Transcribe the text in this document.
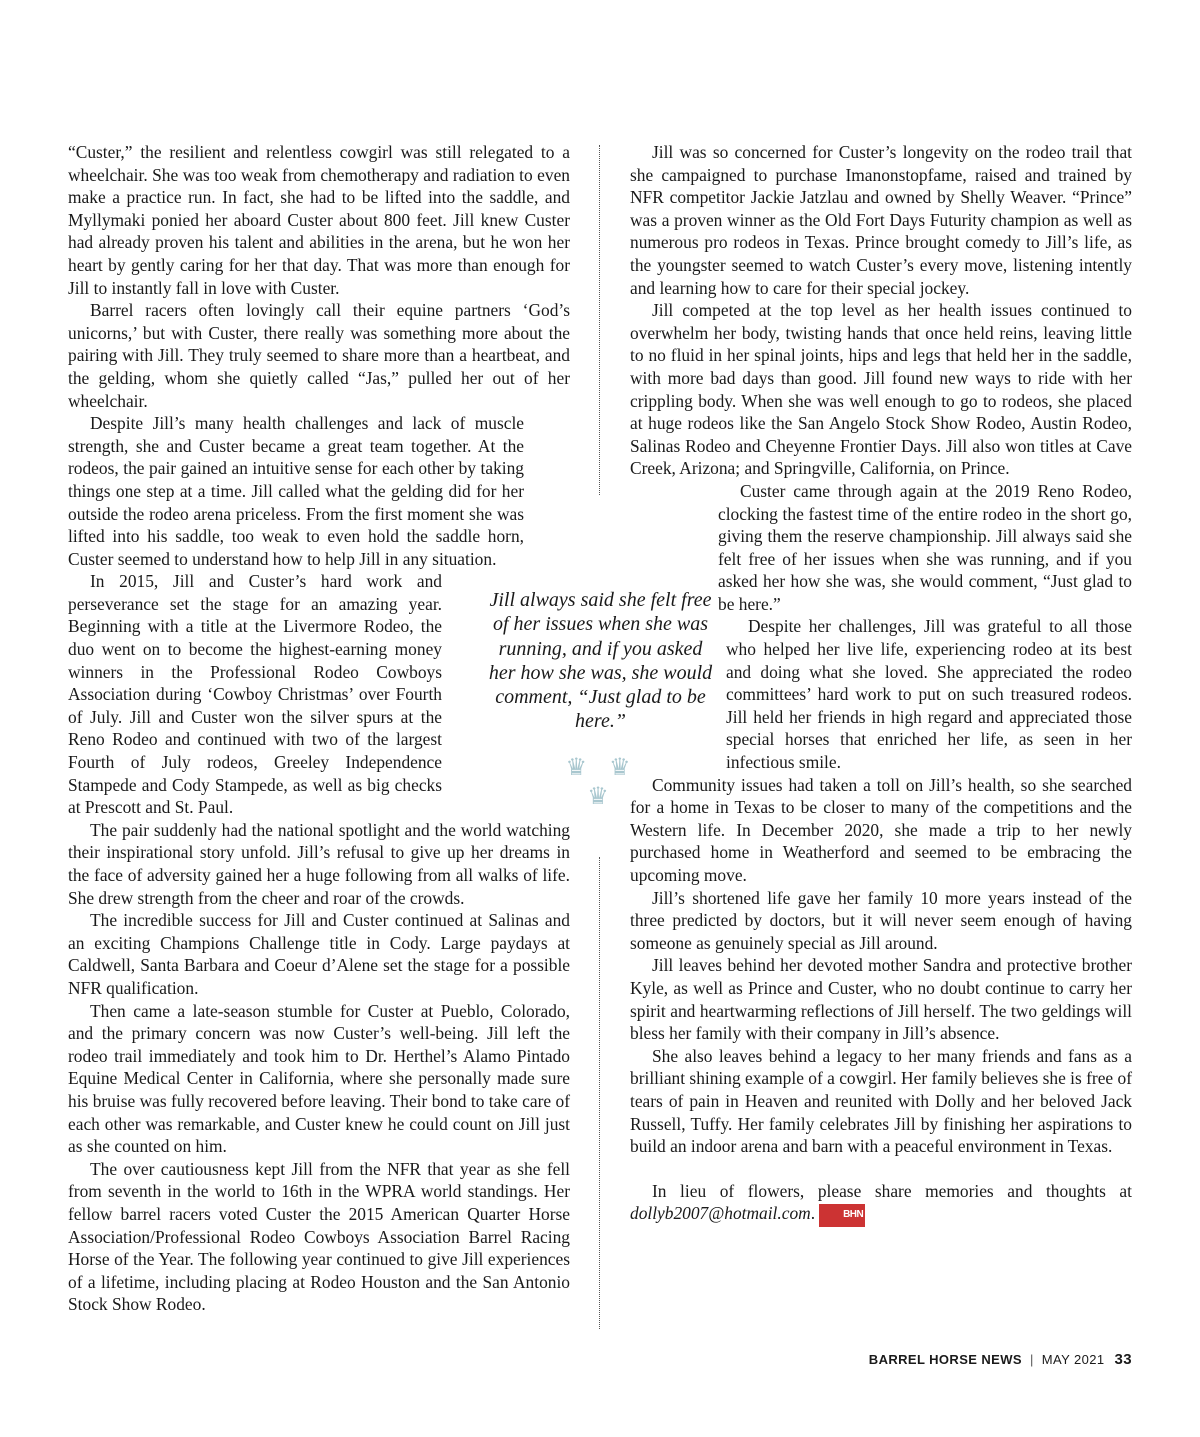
“Custer,” the resilient and relentless cowgirl was still relegated to a wheelchair. She was too weak from chemotherapy and radiation to even make a practice run. In fact, she had to be lifted into the saddle, and Myllymaki ponied her aboard Custer about 800 feet. Jill knew Custer had already proven his talent and abilities in the arena, but he won her heart by gently caring for her that day. That was more than enough for Jill to instantly fall in love with Custer.

Barrel racers often lovingly call their equine partners ‘God’s unicorns,’ but with Custer, there really was something more about the pairing with Jill. They truly seemed to share more than a heartbeat, and the gelding, whom she quietly called “Jas,” pulled her out of her wheelchair.

Despite Jill’s many health challenges and lack of muscle strength, she and Custer became a great team together. At the rodeos, the pair gained an intuitive sense for each other by taking things one step at a time. Jill called what the gelding did for her outside the rodeo arena priceless. From the first moment she was lifted into his saddle, too weak to even hold the saddle horn, Custer seemed to understand how to help Jill in any situation.

In 2015, Jill and Custer’s hard work and perseverance set the stage for an amazing year. Beginning with a title at the Livermore Rodeo, the duo went on to become the highest-earning money winners in the Professional Rodeo Cowboys Association during ‘Cowboy Christmas’ over Fourth of July. Jill and Custer won the silver spurs at the Reno Rodeo and continued with two of the largest Fourth of July rodeos, Greeley Independence Stampede and Cody Stampede, as well as big checks at Prescott and St. Paul.

The pair suddenly had the national spotlight and the world watching their inspirational story unfold. Jill’s refusal to give up her dreams in the face of adversity gained her a huge following from all walks of life. She drew strength from the cheer and roar of the crowds.

The incredible success for Jill and Custer continued at Salinas and an exciting Champions Challenge title in Cody. Large paydays at Caldwell, Santa Barbara and Coeur d’Alene set the stage for a possible NFR qualification.

Then came a late-season stumble for Custer at Pueblo, Colorado, and the primary concern was now Custer’s well-being. Jill left the rodeo trail immediately and took him to Dr. Herthel’s Alamo Pintado Equine Medical Center in California, where she personally made sure his bruise was fully recovered before leaving. Their bond to take care of each other was remarkable, and Custer knew he could count on Jill just as she counted on him.

The over cautiousness kept Jill from the NFR that year as she fell from seventh in the world to 16th in the WPRA world standings. Her fellow barrel racers voted Custer the 2015 American Quarter Horse Association/Professional Rodeo Cowboys Association Barrel Racing Horse of the Year. The following year continued to give Jill experiences of a lifetime, including placing at Rodeo Houston and the San Antonio Stock Show Rodeo.

Jill always said she felt free of her issues when she was running, and if you asked her how she was, she would comment, “Just glad to be here.”

♛ ♛ ♛

Jill was so concerned for Custer’s longevity on the rodeo trail that she campaigned to purchase Imanonstopfame, raised and trained by NFR competitor Jackie Jatzlau and owned by Shelly Weaver. “Prince” was a proven winner as the Old Fort Days Futurity champion as well as numerous pro rodeos in Texas. Prince brought comedy to Jill’s life, as the youngster seemed to watch Custer’s every move, listening intently and learning how to care for their special jockey.

Jill competed at the top level as her health issues continued to overwhelm her body, twisting hands that once held reins, leaving little to no fluid in her spinal joints, hips and legs that held her in the saddle, with more bad days than good. Jill found new ways to ride with her crippling body. When she was well enough to go to rodeos, she placed at huge rodeos like the San Angelo Stock Show Rodeo, Austin Rodeo, Salinas Rodeo and Cheyenne Frontier Days. Jill also won titles at Cave Creek, Arizona; and Springville, California, on Prince.

Custer came through again at the 2019 Reno Rodeo, clocking the fastest time of the entire rodeo in the short go, giving them the reserve championship. Jill always said she felt free of her issues when she was running, and if you asked her how she was, she would comment, “Just glad to be here.”

Despite her challenges, Jill was grateful to all those who helped her live life, experiencing rodeo at its best and doing what she loved. She appreciated the rodeo committees’ hard work to put on such treasured rodeos. Jill held her friends in high regard and appreciated those special horses that enriched her life, as seen in her infectious smile.

Community issues had taken a toll on Jill’s health, so she searched for a home in Texas to be closer to many of the competitions and the Western life. In December 2020, she made a trip to her newly purchased home in Weatherford and seemed to be embracing the upcoming move.

Jill’s shortened life gave her family 10 more years instead of the three predicted by doctors, but it will never seem enough of having someone as genuinely special as Jill around.

Jill leaves behind her devoted mother Sandra and protective brother Kyle, as well as Prince and Custer, who no doubt continue to carry her spirit and heartwarming reflections of Jill herself. The two geldings will bless her family with their company in Jill’s absence.

She also leaves behind a legacy to her many friends and fans as a brilliant shining example of a cowgirl. Her family believes she is free of tears of pain in Heaven and reunited with Dolly and her beloved Jack Russell, Tuffy. Her family celebrates Jill by finishing her aspirations to build an indoor arena and barn with a peaceful environment in Texas.

In lieu of flowers, please share memories and thoughts at dollyb2007@hotmail.com.	BHN

BARREL HORSE NEWS | MAY 2021 33
